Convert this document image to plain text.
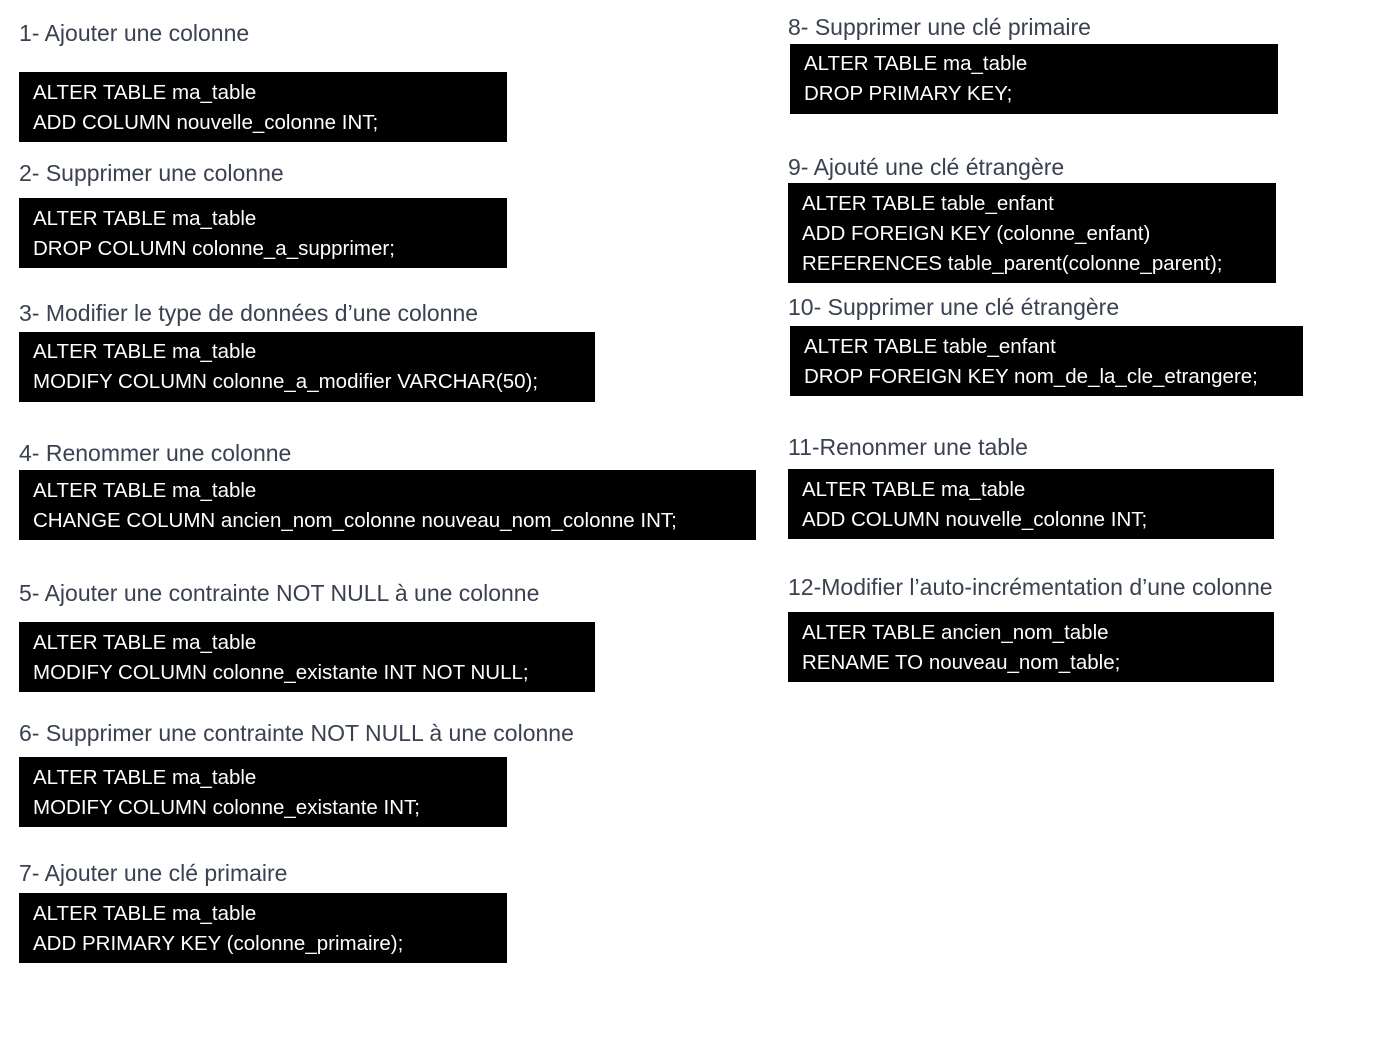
1- Ajouter une colonne
ALTER TABLE ma_table
ADD COLUMN nouvelle_colonne INT;
2- Supprimer une colonne
ALTER TABLE ma_table
DROP COLUMN colonne_a_supprimer;
3- Modifier le type de données d’une colonne
ALTER TABLE ma_table
MODIFY COLUMN colonne_a_modifier VARCHAR(50);
4- Renommer une colonne
ALTER TABLE ma_table
CHANGE COLUMN ancien_nom_colonne nouveau_nom_colonne INT;
5- Ajouter une contrainte NOT NULL à une colonne
ALTER TABLE ma_table
MODIFY COLUMN colonne_existante INT NOT NULL;
6- Supprimer une contrainte NOT NULL à une colonne
ALTER TABLE ma_table
MODIFY COLUMN colonne_existante INT;
7- Ajouter une clé primaire
ALTER TABLE ma_table
ADD PRIMARY KEY (colonne_primaire);
8- Supprimer une clé primaire
ALTER TABLE ma_table
DROP PRIMARY KEY;
9- Ajouté une clé étrangère
ALTER TABLE table_enfant
ADD FOREIGN KEY (colonne_enfant)
REFERENCES table_parent(colonne_parent);
10- Supprimer une clé étrangère
ALTER TABLE table_enfant
DROP FOREIGN KEY nom_de_la_cle_etrangere;
11-Renonmer une table
ALTER TABLE ma_table
ADD COLUMN nouvelle_colonne INT;
12-Modifier l’auto-incrémentation d’une colonne
ALTER TABLE ancien_nom_table
RENAME TO nouveau_nom_table;
